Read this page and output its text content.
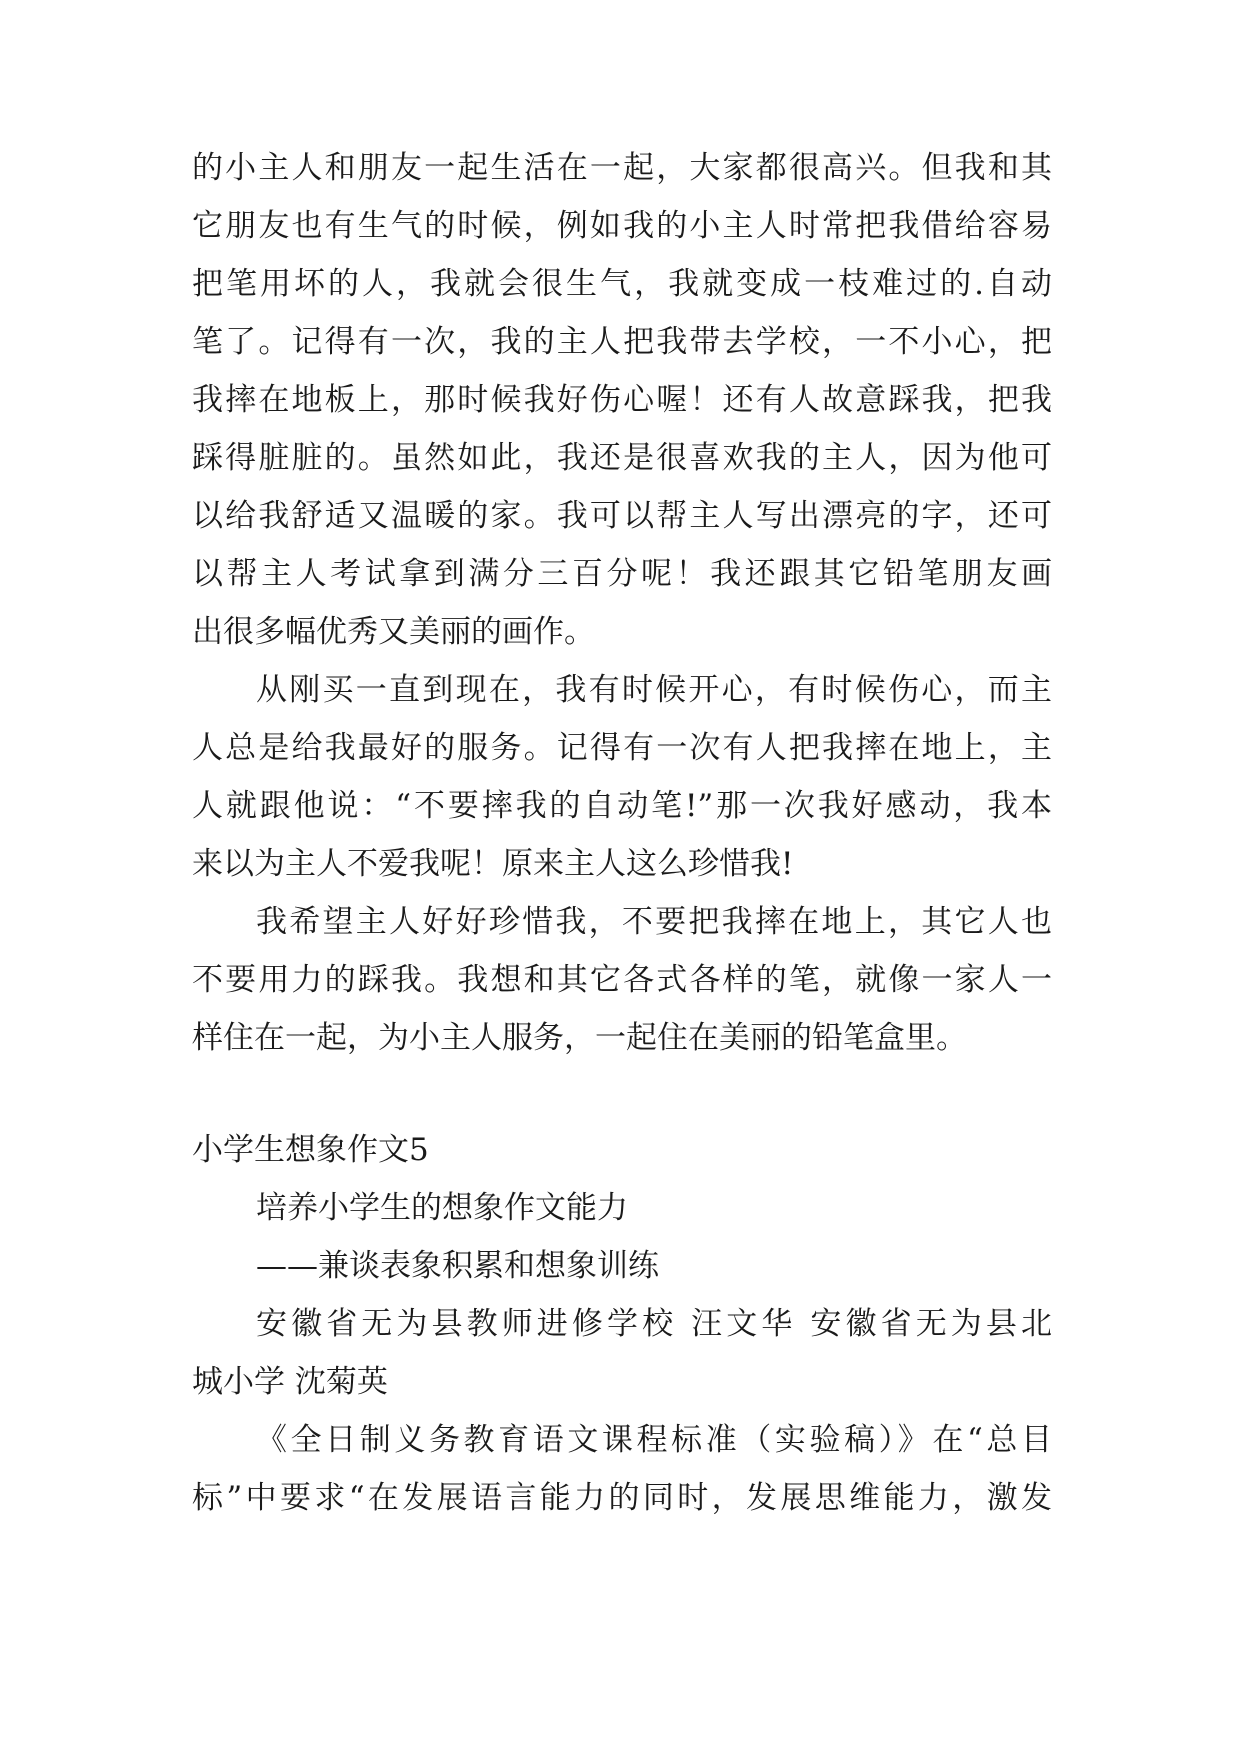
的小主人和朋友一起生活在一起，大家都很高兴。但我和其
它朋友也有生气的时候，例如我的小主人时常把我借给容易
把笔用坏的人，我就会很生气，我就变成一枝难过的.自动
笔了。记得有一次，我的主人把我带去学校，一不小心，把
我摔在地板上，那时候我好伤心喔！还有人故意踩我，把我
踩得脏脏的。虽然如此，我还是很喜欢我的主人，因为他可
以给我舒适又温暖的家。我可以帮主人写出漂亮的字，还可
以帮主人考试拿到满分三百分呢！我还跟其它铅笔朋友画
出很多幅优秀又美丽的画作。
从刚买一直到现在，我有时候开心，有时候伤心，而主
人总是给我最好的服务。记得有一次有人把我摔在地上，主
人就跟他说：“不要摔我的自动笔!”那一次我好感动，我本
来以为主人不爱我呢！原来主人这么珍惜我!
我希望主人好好珍惜我，不要把我摔在地上，其它人也
不要用力的踩我。我想和其它各式各样的笔，就像一家人一
样住在一起，为小主人服务，一起住在美丽的铅笔盒里。
小学生想象作文5
培养小学生的想象作文能力
——兼谈表象积累和想象训练
安徽省无为县教师进修学校 汪文华 安徽省无为县北
城小学 沈菊英
《全日制义务教育语文课程标准（实验稿）》在“总目
标”中要求“在发展语言能力的同时，发展思维能力，激发
